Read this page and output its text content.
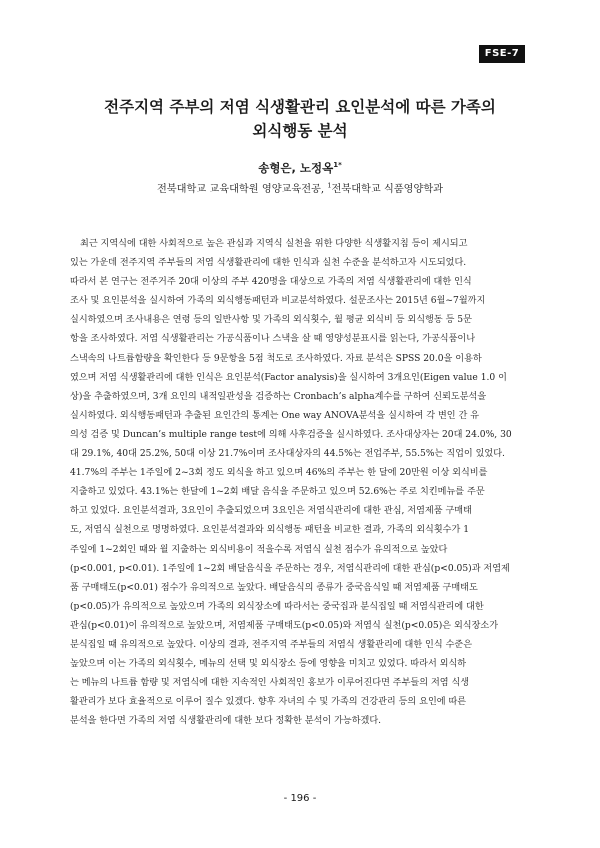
FSE-7
전주지역 주부의 저염 식생활관리 요인분석에 따른 가족의
외식행동 분석
송형은, 노정옥$^{1*}$
전북대학교 교육대학원 영양교육전공, $^1$전북대학교 식품영양학과
최근 지역식에 대한 사회적으로 높은 관심과 지역식 실천을 위한 다양한 식생활지침 등이 제시되고
있는 가운데 전주지역 주부들의 저염 식생활관리에 대한 인식과 실천 수준을 분석하고자 시도되었다.
따라서 본 연구는 전주거주 20대 이상의 주부 420명을 대상으로 가족의 저염 식생활관리에 대한 인식
조사 및 요인분석을 실시하여 가족의 외식행동패턴과 비교분석하였다. 설문조사는 2015년 6월~7월까지
실시하였으며 조사내용은 연령 등의 일반사항 및 가족의 외식횟수, 월 평균 외식비 등 외식행동 등 5문
항을 조사하였다. 저염 식생활관리는 가공식품이나 스낵을 살 때 영양성분표시를 읽는다, 가공식품이나
스낵속의 나트륨함량을 확인한다 등 9문항을 5점 척도로 조사하였다. 자료 분석은 SPSS 20.0을 이용하
였으며 저염 식생활관리에 대한 인식은 요인분석(Factor analysis)을 실시하여 3개요인(Eigen value 1.0 이
상)을 추출하였으며, 3개 요인의 내적일관성을 검증하는 Cronbach’s alpha계수를 구하여 신뢰도분석을
실시하였다. 외식행동패턴과 추출된 요인간의 통계는 One way ANOVA분석을 실시하여 각 변인 간 유
의성 검증 및 Duncan’s multiple range test에 의해 사후검증을 실시하였다. 조사대상자는 20대 24.0%, 30
대 29.1%, 40대 25.2%, 50대 이상 21.7%이며 조사대상자의 44.5%는 전업주부, 55.5%는 직업이 있었다.
41.7%의 주부는 1주일에 2~3회 정도 외식을 하고 있으며 46%의 주부는 한 달에 20만원 이상 외식비를
지출하고 있었다. 43.1%는 한달에 1~2회 배달 음식을 주문하고 있으며 52.6%는 주로 치킨메뉴를 주문
하고 있었다. 요인분석결과, 3요인이 추출되었으며 3요인은 저염식관리에 대한 관심, 저염제품 구매태
도, 저염식 실천으로 명명하였다. 요인분석결과와 외식행동 패턴을 비교한 결과, 가족의 외식횟수가 1
주일에 1~2회인 때와 월 지출하는 외식비용이 적을수록 저염식 실천 점수가 유의적으로 높았다
(p<0.001, p<0.01). 1주일에 1~2회 배달음식을 주문하는 경우, 저염식관리에 대한 관심(p<0.05)과 저염제
품 구매태도(p<0.01) 점수가 유의적으로 높았다. 배달음식의 종류가 중국음식일 때 저염제품 구매태도
(p<0.05)가 유의적으로 높았으며 가족의 외식장소에 따라서는 중국집과 분식집일 때 저염식관리에 대한
관심(p<0.01)이 유의적으로 높았으며, 저염제품 구매태도(p<0.05)와 저염식 실천(p<0.05)은 외식장소가
분식집일 때 유의적으로 높았다. 이상의 결과, 전주지역 주부들의 저염식 생활관리에 대한 인식 수준은
높았으며 이는 가족의 외식횟수, 메뉴의 선택 및 외식장소 등에 영향을 미치고 있었다. 따라서 외식하
는 메뉴의 나트륨 함량 및 저염식에 대한 지속적인 사회적인 홍보가 이루어진다면 주부들의 저염 식생
활관리가 보다 효율적으로 이루어 질수 있겠다. 향후 자녀의 수 및 가족의 건강관리 등의 요인에 따른
분석을 한다면 가족의 저염 식생활관리에 대한 보다 정확한 분석이 가능하겠다.
- 196 -
